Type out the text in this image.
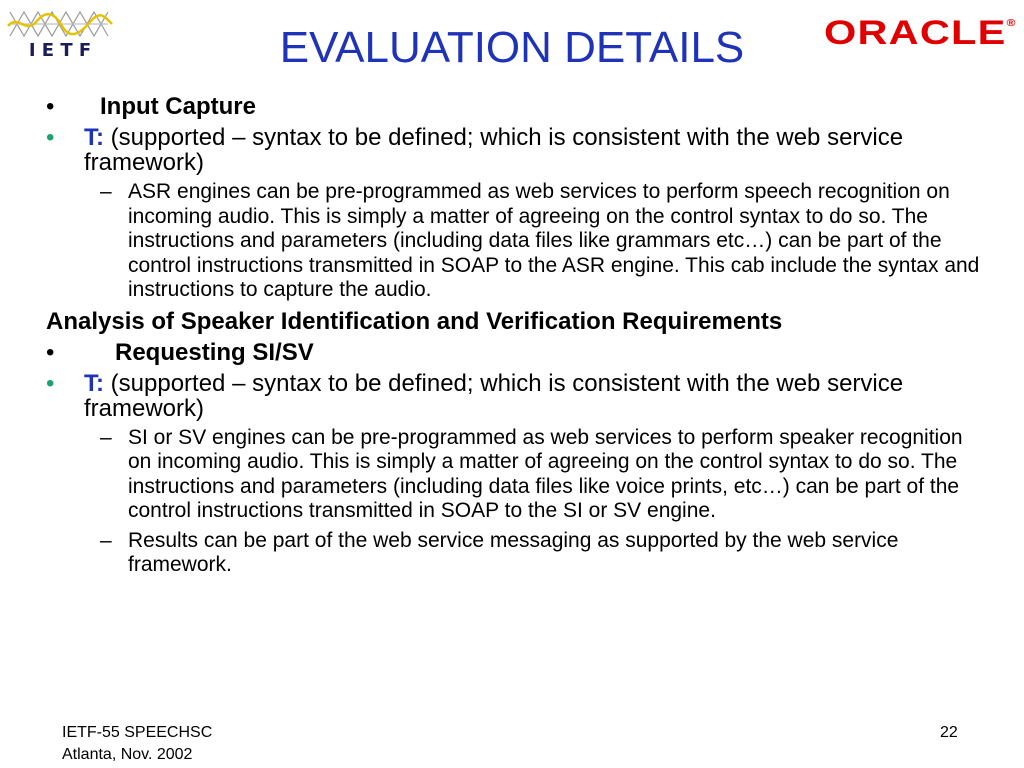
I E T F	ORACLE®
EVALUATION DETAILS
• Input Capture
• T: (supported – syntax to be defined; which is consistent with the web service framework)
– ASR engines can be pre-programmed as web services to perform speech recognition on incoming audio. This is simply a matter of agreeing on the control syntax to do so. The instructions and parameters (including data files like grammars etc…) can be part of the control instructions transmitted in SOAP to the ASR engine. This cab include the syntax and instructions to capture the audio.
Analysis of Speaker Identification and Verification Requirements
•	Requesting SI/SV
• T: (supported – syntax to be defined; which is consistent with the web service framework)
– SI or SV engines can be pre-programmed as web services to perform speaker recognition on incoming audio. This is simply a matter of agreeing on the control syntax to do so. The instructions and parameters (including data files like voice prints, etc…) can be part of the control instructions transmitted in SOAP to the SI or SV engine.
– Results can be part of the web service messaging as supported by the web service framework.
IETF-55 SPEECHSC
Atlanta, Nov. 2002
22
